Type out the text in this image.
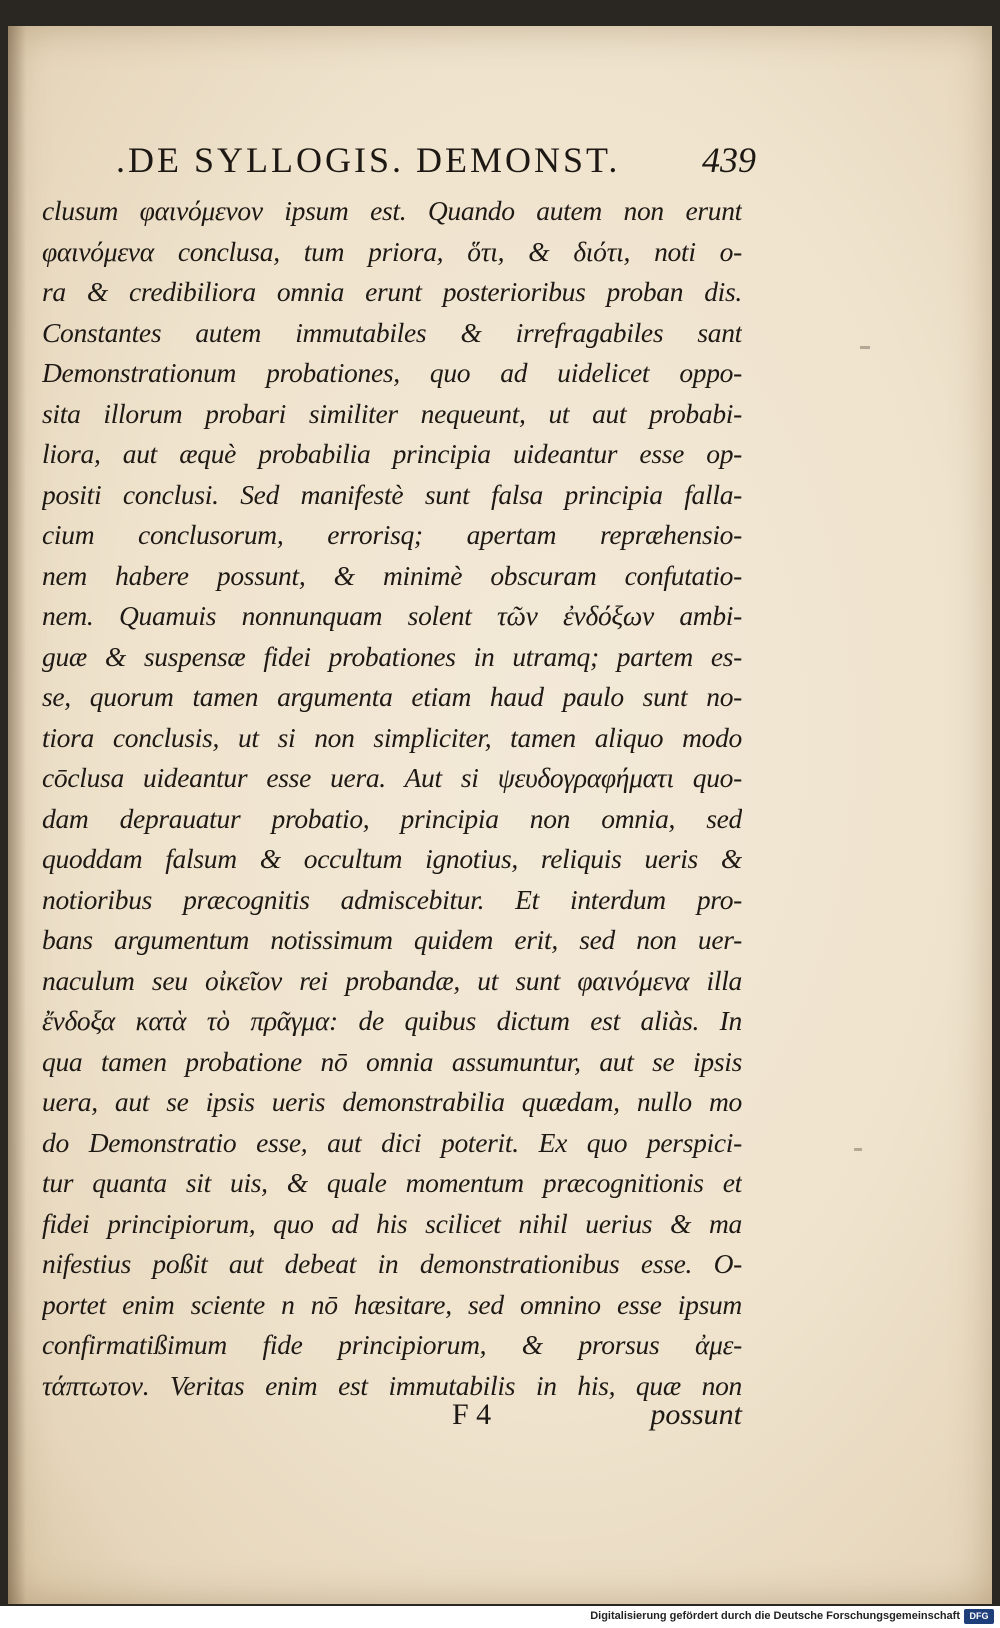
.DE SYLLOGIS. DEMONST. 439
clusum φαινόμενον ipsum est. Quando autem non erunt
φαινόμενα conclusa, tum priora, ὅτι, & διότι, noti o-
ra & credibiliora omnia erunt posterioribus proban dis.
Constantes autem immutabiles & irrefragabiles sant
Demonstrationum probationes, quo ad uidelicet oppo-
sita illorum probari similiter nequeunt, ut aut probabi-
liora, aut æquè probabilia principia uideantur esse op-
positi conclusi. Sed manifestè sunt falsa principia falla-
cium conclusorum, errorisq; apertam repræhensio-
nem habere possunt, & minimè obscuram confutatio-
nem. Quamuis nonnunquam solent τῶν ἐνδόξων ambi-
guæ & suspensæ fidei probationes in utramq; partem es-
se, quorum tamen argumenta etiam haud paulo sunt no-
tiora conclusis, ut si non simpliciter, tamen aliquo modo
cōclusa uideantur esse uera. Aut si ψευδογραφήματι quo-
dam deprauatur probatio, principia non omnia, sed
quoddam falsum & occultum ignotius, reliquis ueris &
notioribus præcognitis admiscebitur. Et interdum pro-
bans argumentum notissimum quidem erit, sed non uer-
naculum seu οἰκεῖον rei probandæ, ut sunt φαινόμενα illa
ἔνδοξα κατὰ τὸ πρᾶγμα: de quibus dictum est aliàs. In
qua tamen probatione nō omnia assumuntur, aut se ipsis
uera, aut se ipsis ueris demonstrabilia quædam, nullo mo
do Demonstratio esse, aut dici poterit. Ex quo perspici-
tur quanta sit uis, & quale momentum præcognitionis et
fidei principiorum, quo ad his scilicet nihil uerius & ma
nifestius poßit aut debeat in demonstrationibus esse. O-
portet enim sciente n nō hæsitare, sed omnino esse ipsum
confirmatißimum fide principiorum, & prorsus ἀμε-
τάπτωτον. Veritas enim est immutabilis in his, quæ non
F 4	possunt
Digitalisierung gefördert durch die Deutsche Forschungsgemeinschaft	DFG
